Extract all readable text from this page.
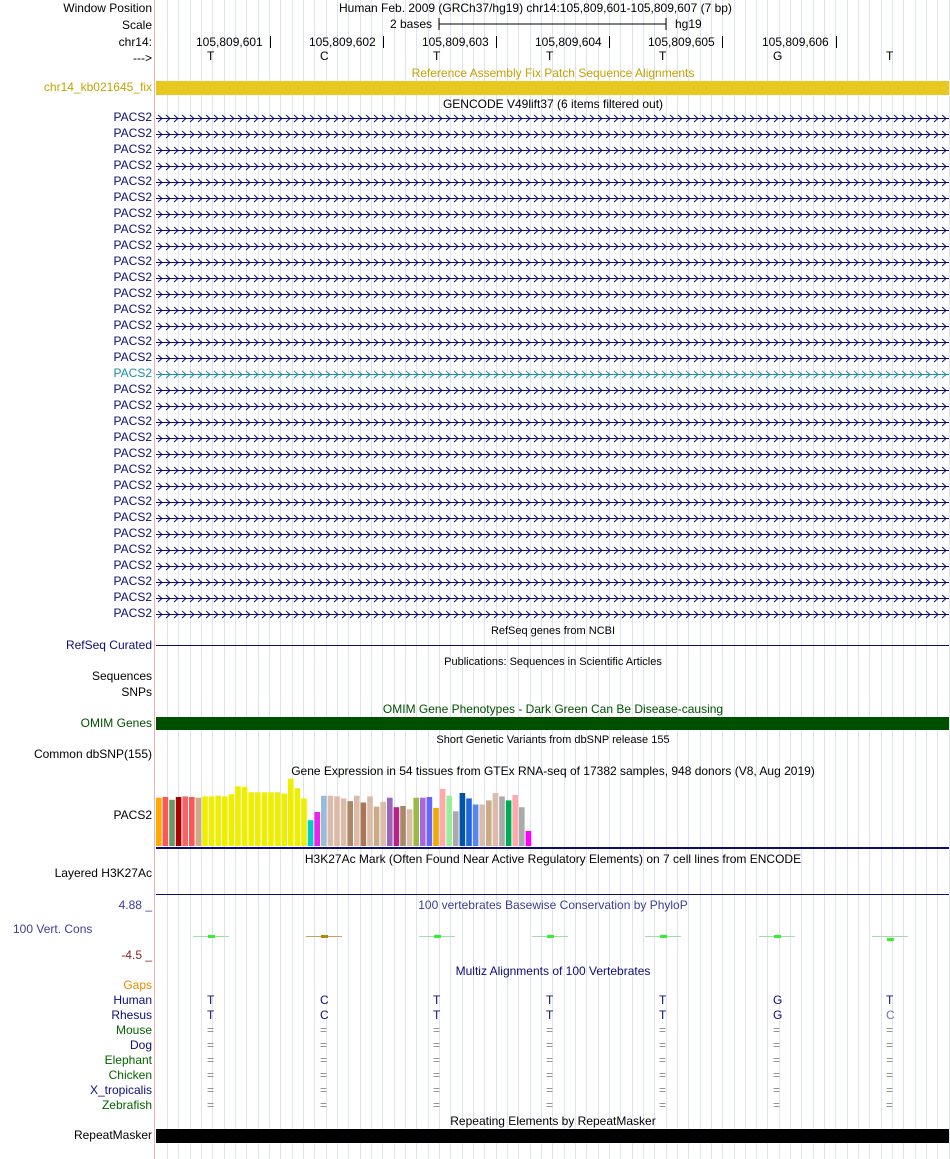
Window Position	Human Feb. 2009 (GRCh37/hg19) chr14:105,809,601-105,809,607 (7 bp)
Scale	2 bases	hg19
chr14:	105,809,601	105,809,602	105,809,603	105,809,604	105,809,605	105,809,606
--->	T	C	T	T	T	G	T
Reference Assembly Fix Patch Sequence Alignments
chr14_kb021645_fix
GENCODE V49lift37 (6 items filtered out)
PACS2
PACS2
PACS2
PACS2
PACS2
PACS2
PACS2
PACS2
PACS2
PACS2
PACS2
PACS2
PACS2
PACS2
PACS2
PACS2
PACS2
PACS2
PACS2
PACS2
PACS2
PACS2
PACS2
PACS2
PACS2
PACS2
PACS2
PACS2
PACS2
PACS2
PACS2
PACS2
RefSeq genes from NCBI
RefSeq Curated
Publications: Sequences in Scientific Articles
Sequences
SNPs
OMIM Gene Phenotypes - Dark Green Can Be Disease-causing
OMIM Genes
Short Genetic Variants from dbSNP release 155
Common dbSNP(155)
Gene Expression in 54 tissues from GTEx RNA-seq of 17382 samples, 948 donors (V8, Aug 2019)
PACS2
H3K27Ac Mark (Often Found Near Active Regulatory Elements) on 7 cell lines from ENCODE
Layered H3K27Ac
100 vertebrates Basewise Conservation by PhyloP
4.88 _
100 Vert. Cons
-4.5 _
Multiz Alignments of 100 Vertebrates
Gaps
Human	T	C	T	T	T	G	T
Rhesus	T	C	T	T	T	G	C
Mouse	=	=	=	=	=	=	=
Dog	=	=	=	=	=	=	=
Elephant	=	=	=	=	=	=	=
Chicken	=	=	=	=	=	=	=
X_tropicalis	=	=	=	=	=	=	=
Zebrafish	=	=	=	=	=	=	=
Repeating Elements by RepeatMasker
RepeatMasker
